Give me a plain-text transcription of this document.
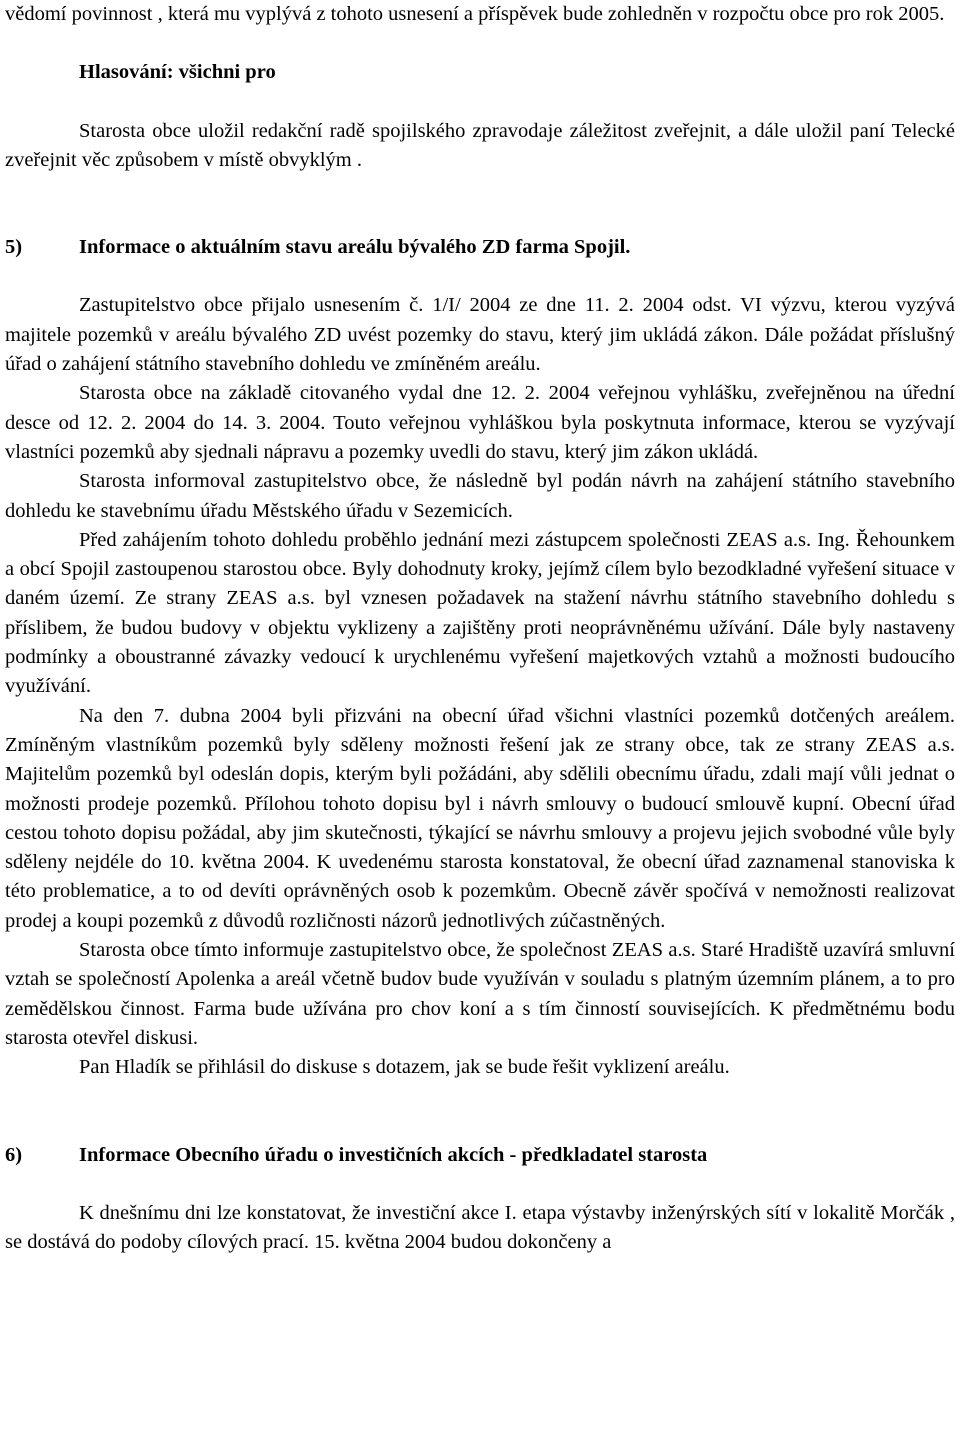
vědomí povinnost , která mu vyplývá z tohoto usnesení a příspěvek bude zohledněn v rozpočtu obce pro rok 2005.

Hlasování: všichni pro

Starosta obce uložil redakční radě spojilského zpravodaje záležitost zveřejnit, a dále uložil paní Telecké zveřejnit věc způsobem v místě obvyklým .

5)	Informace o aktuálním stavu areálu bývalého ZD farma Spojil.

Zastupitelstvo obce přijalo usnesením č. 1/I/ 2004 ze dne 11. 2. 2004 odst. VI výzvu, kterou vyzývá majitele pozemků v areálu bývalého ZD uvést pozemky do stavu, který jim ukládá zákon. Dále požádat příslušný úřad o zahájení státního stavebního dohledu ve zmíněném areálu.

Starosta obce na základě citovaného vydal dne 12. 2. 2004 veřejnou vyhlášku, zveřejněnou na úřední desce od 12. 2. 2004 do 14. 3. 2004. Touto veřejnou vyhláškou byla poskytnuta informace, kterou se vyzývají vlastníci pozemků aby sjednali nápravu a pozemky uvedli do stavu, který jim zákon ukládá.

Starosta informoval zastupitelstvo obce, že následně byl podán návrh na zahájení státního stavebního dohledu ke stavebnímu úřadu Městského úřadu v Sezemicích.

Před zahájením tohoto dohledu proběhlo jednání mezi zástupcem společnosti ZEAS a.s. Ing. Řehounkem a obcí Spojil zastoupenou starostou obce. Byly dohodnuty kroky, jejímž cílem bylo bezodkladné vyřešení situace v daném území. Ze strany ZEAS a.s. byl vznesen požadavek na stažení návrhu státního stavebního dohledu s příslibem, že budou budovy v objektu vyklizeny a zajištěny proti neoprávněnému užívání. Dále byly nastaveny podmínky a oboustranné závazky vedoucí k urychlenému vyřešení majetkových vztahů a možnosti budoucího využívání.

Na den 7. dubna 2004 byli přizváni na obecní úřad všichni vlastníci pozemků dotčených areálem. Zmíněným vlastníkům pozemků byly sděleny možnosti řešení jak ze strany obce, tak ze strany ZEAS a.s. Majitelům pozemků byl odeslán dopis, kterým byli požádáni, aby sdělili obecnímu úřadu, zdali mají vůli jednat o možnosti prodeje pozemků. Přílohou tohoto dopisu byl i návrh smlouvy o budoucí smlouvě kupní. Obecní úřad cestou tohoto dopisu požádal, aby jim skutečnosti, týkající se návrhu smlouvy a projevu jejich svobodné vůle byly sděleny nejdéle do 10. května 2004. K uvedenému starosta konstatoval, že obecní úřad zaznamenal stanoviska k této problematice, a to od devíti oprávněných osob k pozemkům. Obecně závěr spočívá v nemožnosti realizovat prodej a koupi pozemků z důvodů rozličnosti názorů jednotlivých zúčastněných.

Starosta obce tímto informuje zastupitelstvo obce, že společnost ZEAS a.s. Staré Hradiště uzavírá smluvní vztah se společností Apolenka a areál včetně budov bude využíván v souladu s platným územním plánem, a to pro zemědělskou činnost. Farma bude užívána pro chov koní a s tím činností souvisejících. K předmětnému bodu starosta otevřel diskusi.

Pan Hladík se přihlásil do diskuse s dotazem, jak se bude řešit vyklizení areálu.

6)	Informace Obecního úřadu o investičních akcích - předkladatel starosta

K dnešnímu dni lze konstatovat, že investiční akce I. etapa výstavby inženýrských sítí v lokalitě Morčák , se dostává do podoby cílových prací. 15. května 2004 budou dokončeny a
